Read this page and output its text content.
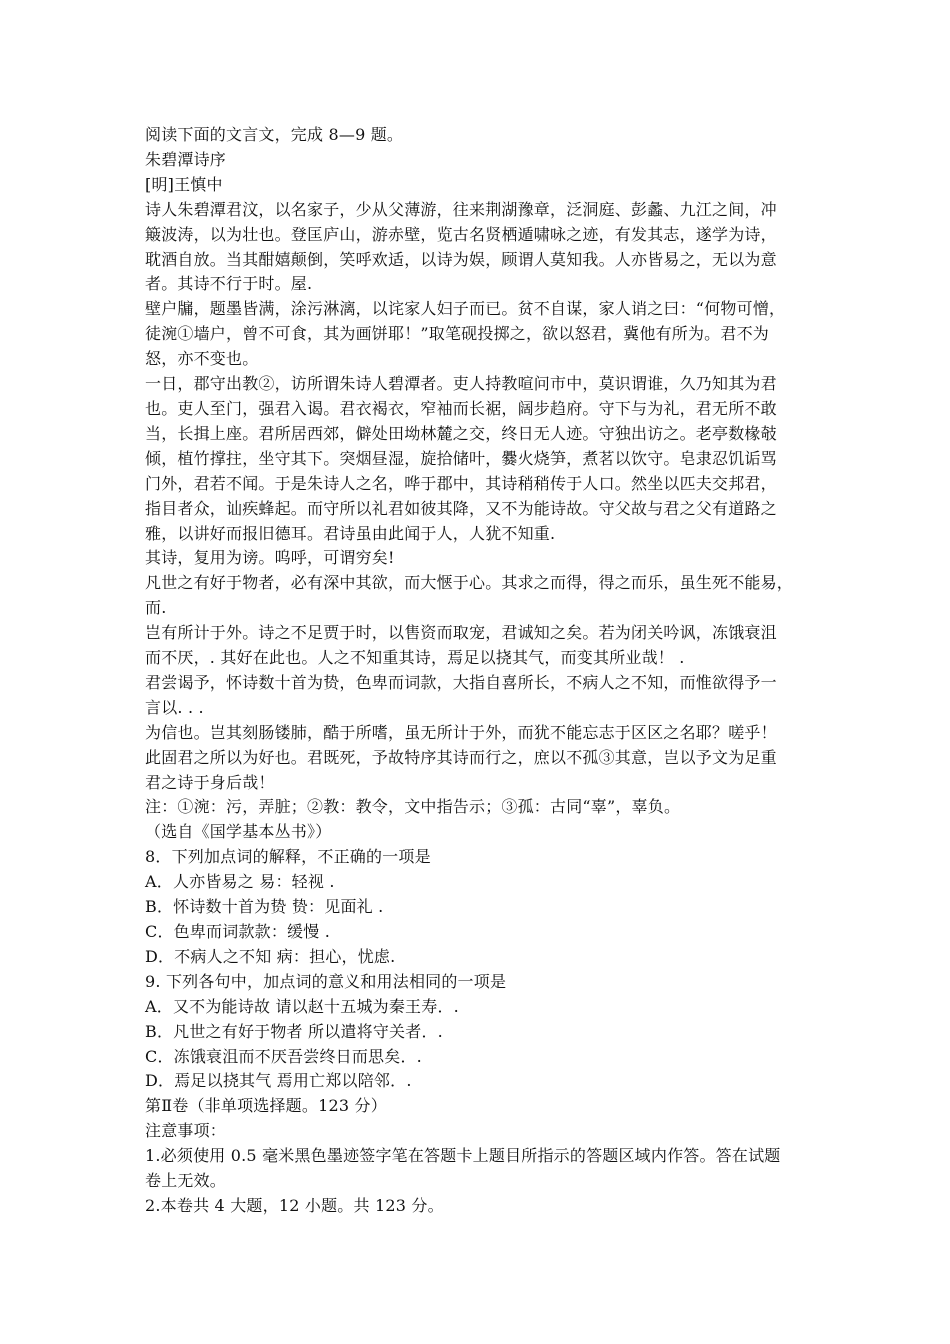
阅读下面的文言文，完成 8—9 题。
朱碧潭诗序
[明]王慎中
诗人朱碧潭君汶，以名家子，少从父薄游，往来荆湖豫章，泛洞庭、彭蠡、九江之间，冲
簸波涛，以为壮也。登匡庐山，游赤壁，览古名贤栖遁啸咏之迹，有发其志，遂学为诗，
耽酒自放。当其酣嬉颠倒，笑呼欢适，以诗为娱，顾谓人莫知我。人亦皆易之，无以为意
者。其诗不行于时。屋.
壁户牖，题墨皆满，涂污淋漓，以诧家人妇子而已。贫不自谋，家人诮之曰：“何物可憎，
徒涴①墙户，曾不可食，其为画饼耶！”取笔砚投掷之，欲以怒君，冀他有所为。君不为
怒，亦不变也。
一日，郡守出教②，访所谓朱诗人碧潭者。吏人持教喧问市中，莫识谓谁，久乃知其为君
也。吏人至门，强君入谒。君衣褐衣，窄袖而长裾，阔步趋府。守下与为礼，君无所不敢
当，长揖上座。君所居西郊，僻处田坳林麓之交，终日无人迹。守独出访之。老亭数椽攲
倾，植竹撑拄，坐守其下。突烟昼湿，旋拾储叶，爨火烧笋，煮茗以饮守。皂隶忍饥诟骂
门外，君若不闻。于是朱诗人之名，哗于郡中，其诗稍稍传于人口。然坐以匹夫交邦君，
指目者众，讪疾蜂起。而守所以礼君如彼其降，又不为能诗故。守父故与君之父有道路之
雅，以讲好而报旧德耳。君诗虽由此闻于人，人犹不知重.
其诗，复用为谤。呜呼，可谓穷矣!
凡世之有好于物者，必有深中其欲，而大惬于心。其求之而得，得之而乐，虽生死不能易，
而.
岂有所计于外。诗之不足贾于时，以售资而取宠，君诚知之矣。若为闭关吟讽，冻饿衰沮
而不厌，. 其好在此也。人之不知重其诗，焉足以挠其气，而变其所业哉！ .
君尝谒予，怀诗数十首为贽，色卑而词款，大指自喜所长，不病人之不知，而惟欲得予一
言以. . .
为信也。岂其刻肠镂肺，酷于所嗜，虽无所计于外，而犹不能忘志于区区之名耶？嗟乎！
此固君之所以为好也。君既死，予故特序其诗而行之，庶以不孤③其意，岂以予文为足重
君之诗于身后哉！
注：①涴：污，弄脏；②教：教令，文中指告示；③孤：古同“辜”，辜负。
（选自《国学基本丛书》）
8．下列加点词的解释，不正确的一项是
A．人亦皆易之 易：轻视 .
B．怀诗数十首为贽 贽：见面礼 .
C．色卑而词款款：缓慢 .
D．不病人之不知 病：担心，忧虑.
9. 下列各句中，加点词的意义和用法相同的一项是
A．又不为能诗故 请以赵十五城为秦王寿．.
B．凡世之有好于物者 所以遣将守关者．.
C．冻饿衰沮而不厌吾尝终日而思矣．.
D．焉足以挠其气 焉用亡郑以陪邻．.
第Ⅱ卷（非单项选择题。123 分）
注意事项：
1.必须使用 0.5 毫米黑色墨迹签字笔在答题卡上题目所指示的答题区域内作答。答在试题
卷上无效。
2.本卷共 4 大题，12 小题。共 123 分。
